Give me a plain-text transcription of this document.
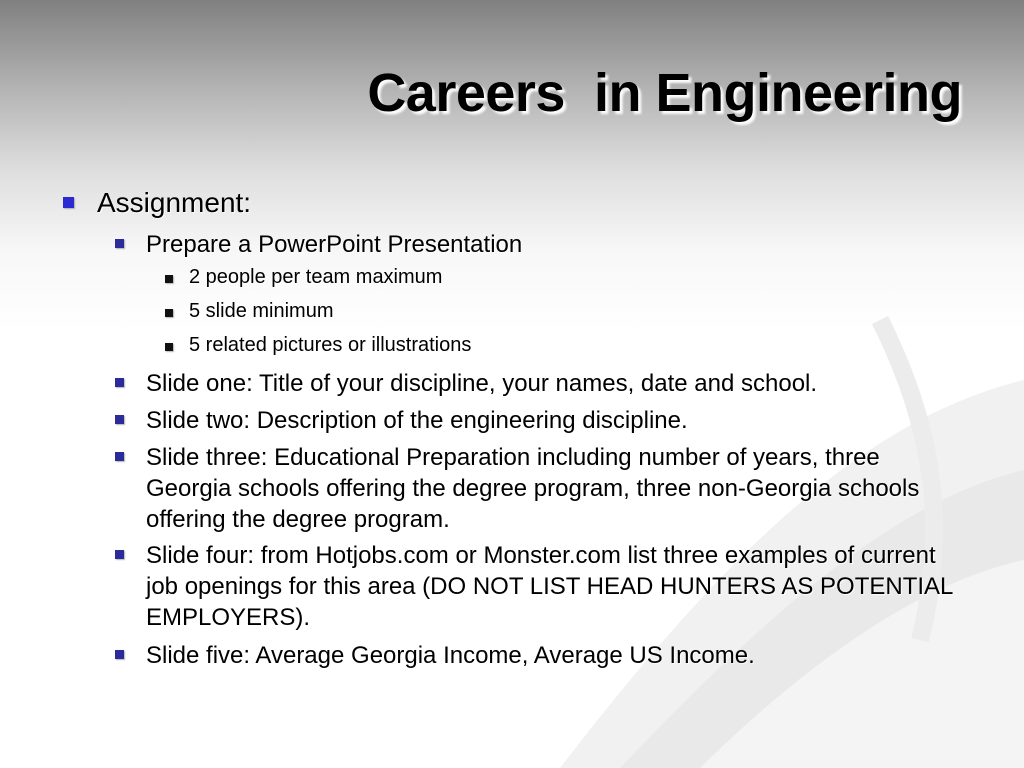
Careers  in Engineering
Assignment:
Prepare a PowerPoint Presentation
2 people per team maximum
5 slide minimum
5 related pictures or illustrations
Slide one: Title of your discipline, your names, date and school.
Slide two: Description of the engineering discipline.
Slide three: Educational Preparation including number of years, three Georgia schools offering the degree program, three non-Georgia schools offering the degree program.
Slide four: from Hotjobs.com or Monster.com list three examples of current job openings for this area (DO NOT LIST HEAD HUNTERS AS POTENTIAL EMPLOYERS).
Slide five: Average Georgia Income, Average US Income.
